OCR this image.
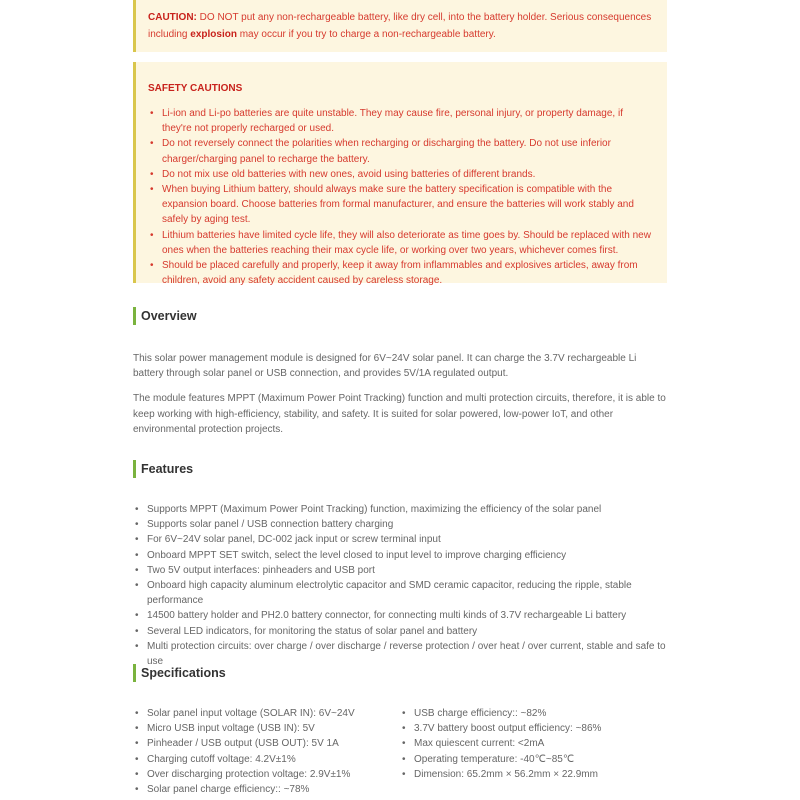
CAUTION: DO NOT put any non-rechargeable battery, like dry cell, into the battery holder. Serious consequences including explosion may occur if you try to charge a non-rechargeable battery.
SAFETY CAUTIONS
• Li-ion and Li-po batteries are quite unstable. They may cause fire, personal injury, or property damage, if they're not properly recharged or used.
• Do not reversely connect the polarities when recharging or discharging the battery. Do not use inferior charger/charging panel to recharge the battery.
• Do not mix use old batteries with new ones, avoid using batteries of different brands.
• When buying Lithium battery, should always make sure the battery specification is compatible with the expansion board. Choose batteries from formal manufacturer, and ensure the batteries will work stably and safely by aging test.
• Lithium batteries have limited cycle life, they will also deteriorate as time goes by. Should be replaced with new ones when the batteries reaching their max cycle life, or working over two years, whichever comes first.
• Should be placed carefully and properly, keep it away from inflammables and explosives articles, away from children, avoid any safety accident caused by careless storage.
Overview

This solar power management module is designed for 6V~24V solar panel. It can charge the 3.7V rechargeable Li battery through solar panel or USB connection, and provides 5V/1A regulated output.

The module features MPPT (Maximum Power Point Tracking) function and multi protection circuits, therefore, it is able to keep working with high-efficiency, stability, and safety. It is suited for solar powered, low-power IoT, and other environmental protection projects.

Features
• Supports MPPT (Maximum Power Point Tracking) function, maximizing the efficiency of the solar panel
• Supports solar panel / USB connection battery charging
• For 6V~24V solar panel, DC-002 jack input or screw terminal input
• Onboard MPPT SET switch, select the level closed to input level to improve charging efficiency
• Two 5V output interfaces: pinheaders and USB port
• Onboard high capacity aluminum electrolytic capacitor and SMD ceramic capacitor, reducing the ripple, stable performance
• 14500 battery holder and PH2.0 battery connector, for connecting multi kinds of 3.7V rechargeable Li battery
• Several LED indicators, for monitoring the status of solar panel and battery
• Multi protection circuits: over charge / over discharge / reverse protection / over heat / over current, stable and safe to use
Specifications
• Solar panel input voltage (SOLAR IN): 6V~24V
• Micro USB input voltage (USB IN): 5V
• Pinheader / USB output (USB OUT): 5V 1A
• Charging cutoff voltage: 4.2V±1%
• Over discharging protection voltage: 2.9V±1%
• Solar panel charge efficiency:: ~78%
• USB charge efficiency:: ~82%
• 3.7V battery boost output efficiency: ~86%
• Max quiescent current: <2mA
• Operating temperature: -40℃~85℃
• Dimension: 65.2mm × 56.2mm × 22.9mm
